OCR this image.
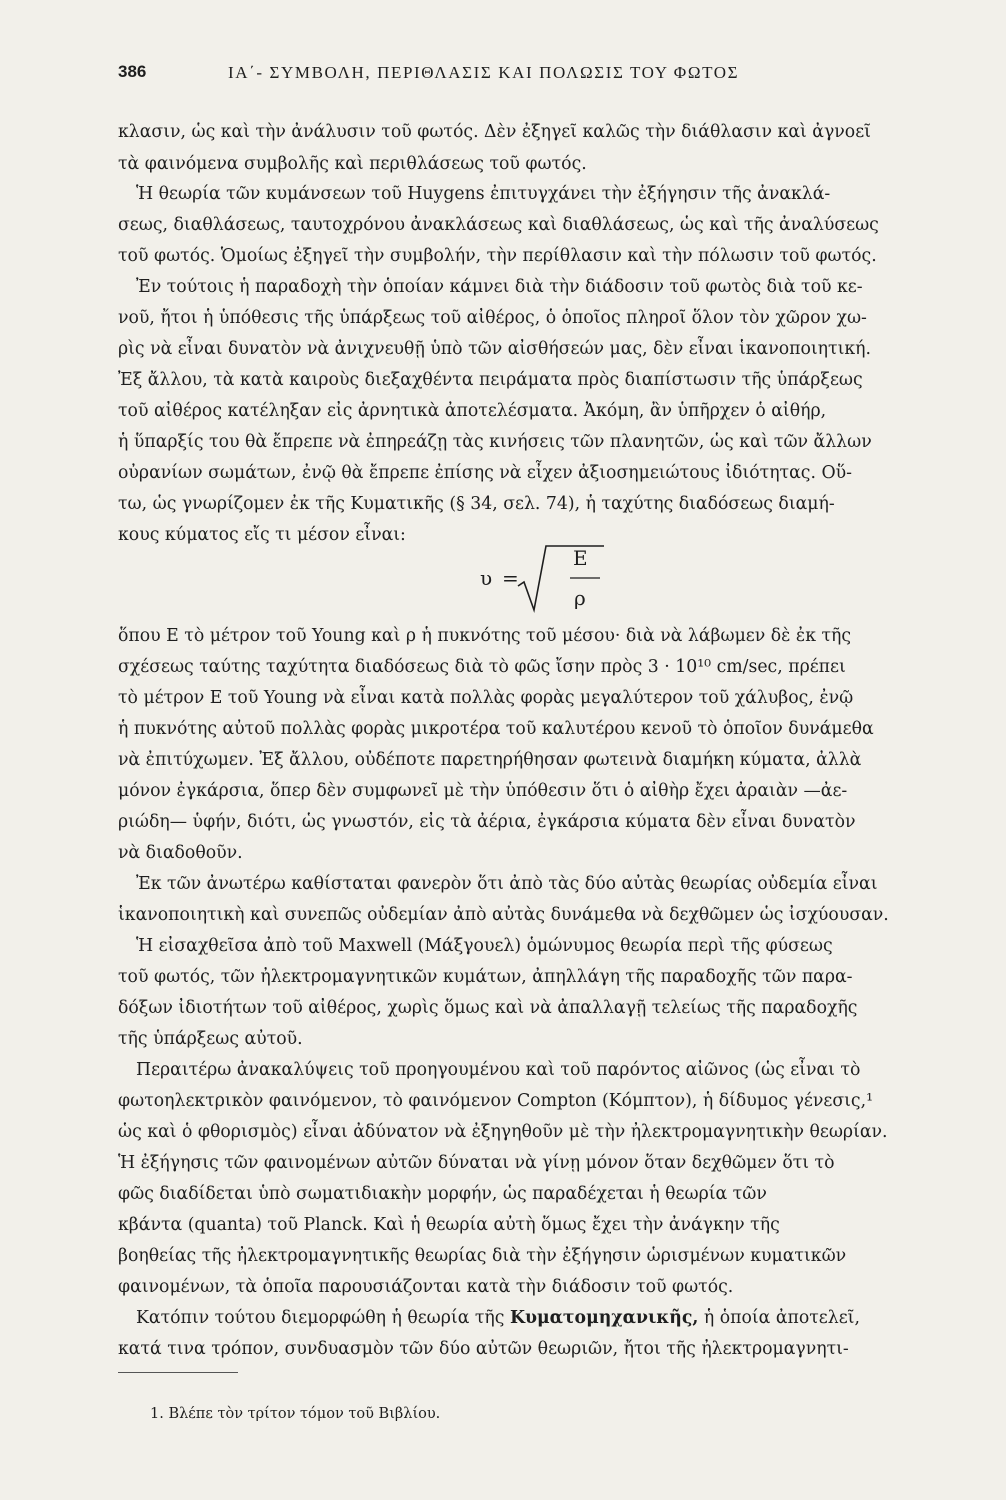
386	ΙΑ΄- ΣΥΜΒΟΛΗ, ΠΕΡΙΘΛΑΣΙΣ ΚΑΙ ΠΟΛΩΣΙΣ ΤΟΥ ΦΩΤΟΣ
κλασιν, ὡς καὶ τὴν ἀνάλυσιν τοῦ φωτός. Δὲν ἐξηγεῖ καλῶς τὴν διάθλασιν καὶ ἀγνοεῖ
τὰ φαινόμενα συμβολῆς καὶ περιθλάσεως τοῦ φωτός.
Ἡ θεωρία τῶν κυμάνσεων τοῦ Huygens ἐπιτυγχάνει τὴν ἐξήγησιν τῆς ἀνακλά-
σεως, διαθλάσεως, ταυτοχρόνου ἀνακλάσεως καὶ διαθλάσεως, ὡς καὶ τῆς ἀναλύσεως
τοῦ φωτός. Ὁμοίως ἐξηγεῖ τὴν συμβολήν, τὴν περίθλασιν καὶ τὴν πόλωσιν τοῦ φωτός.
Ἐν τούτοις ἡ παραδοχὴ τὴν ὁποίαν κάμνει διὰ τὴν διάδοσιν τοῦ φωτὸς διὰ τοῦ κε-
νοῦ, ἤτοι ἡ ὑπόθεσις τῆς ὑπάρξεως τοῦ αἰθέρος, ὁ ὁποῖος πληροῖ ὅλον τὸν χῶρον χω-
ρὶς νὰ εἶναι δυνατὸν νὰ ἀνιχνευθῇ ὑπὸ τῶν αἰσθήσεών μας, δὲν εἶναι ἱκανοποιητική.
Ἐξ ἄλλου, τὰ κατὰ καιροὺς διεξαχθέντα πειράματα πρὸς διαπίστωσιν τῆς ὑπάρξεως
τοῦ αἰθέρος κατέληξαν εἰς ἀρνητικὰ ἀποτελέσματα. Ἀκόμη, ἂν ὑπῆρχεν ὁ αἰθήρ,
ἡ ὕπαρξίς του θὰ ἔπρεπε νὰ ἐπηρεάζῃ τὰς κινήσεις τῶν πλανητῶν, ὡς καὶ τῶν ἄλλων
οὐρανίων σωμάτων, ἐνῷ θὰ ἔπρεπε ἐπίσης νὰ εἶχεν ἀξιοσημειώτους ἰδιότητας. Οὕ-
τω, ὡς γνωρίζομεν ἐκ τῆς Κυματικῆς (§ 34, σελ. 74), ἡ ταχύτης διαδόσεως διαμή-
κους κύματος εἴς τι μέσον εἶναι:
υ =
E
ρ
ὅπου E τὸ μέτρον τοῦ Young καὶ ρ ἡ πυκνότης τοῦ μέσου· διὰ νὰ λάβωμεν δὲ ἐκ τῆς
σχέσεως ταύτης ταχύτητα διαδόσεως διὰ τὸ φῶς ἴσην πρὸς 3 · 10¹⁰ cm/sec, πρέπει
τὸ μέτρον E τοῦ Young νὰ εἶναι κατὰ πολλὰς φορὰς μεγαλύτερον τοῦ χάλυβος, ἐνῷ
ἡ πυκνότης αὐτοῦ πολλὰς φορὰς μικροτέρα τοῦ καλυτέρου κενοῦ τὸ ὁποῖον δυνάμεθα
νὰ ἐπιτύχωμεν. Ἐξ ἄλλου, οὐδέποτε παρετηρήθησαν φωτεινὰ διαμήκη κύματα, ἀλλὰ
μόνον ἐγκάρσια, ὅπερ δὲν συμφωνεῖ μὲ τὴν ὑπόθεσιν ὅτι ὁ αἰθὴρ ἔχει ἀραιὰν —ἀε-
ριώδη— ὑφήν, διότι, ὡς γνωστόν, εἰς τὰ ἀέρια, ἐγκάρσια κύματα δὲν εἶναι δυνατὸν
νὰ διαδοθοῦν.
Ἐκ τῶν ἀνωτέρω καθίσταται φανερὸν ὅτι ἀπὸ τὰς δύο αὐτὰς θεωρίας οὐδεμία εἶναι
ἱκανοποιητικὴ καὶ συνεπῶς οὐδεμίαν ἀπὸ αὐτὰς δυνάμεθα νὰ δεχθῶμεν ὡς ἰσχύουσαν.
Ἡ εἰσαχθεῖσα ἀπὸ τοῦ Maxwell (Μάξγουελ) ὁμώνυμος θεωρία περὶ τῆς φύσεως
τοῦ φωτός, τῶν ἠλεκτρομαγνητικῶν κυμάτων, ἀπηλλάγη τῆς παραδοχῆς τῶν παρα-
δόξων ἰδιοτήτων τοῦ αἰθέρος, χωρὶς ὅμως καὶ νὰ ἀπαλλαγῇ τελείως τῆς παραδοχῆς
τῆς ὑπάρξεως αὐτοῦ.
Περαιτέρω ἀνακαλύψεις τοῦ προηγουμένου καὶ τοῦ παρόντος αἰῶνος (ὡς εἶναι τὸ
φωτοηλεκτρικὸν φαινόμενον, τὸ φαινόμενον Compton (Κόμπτον), ἡ δίδυμος γένεσις,¹
ὡς καὶ ὁ φθορισμὸς) εἶναι ἀδύνατον νὰ ἐξηγηθοῦν μὲ τὴν ἠλεκτρομαγνητικὴν θεωρίαν.
Ἡ ἐξήγησις τῶν φαινομένων αὐτῶν δύναται νὰ γίνῃ μόνον ὅταν δεχθῶμεν ὅτι τὸ
φῶς διαδίδεται ὑπὸ σωματιδιακὴν μορφήν, ὡς παραδέχεται ἡ θεωρία τῶν
κβάντα (quanta) τοῦ Planck. Καὶ ἡ θεωρία αὐτὴ ὅμως ἔχει τὴν ἀνάγκην τῆς
βοηθείας τῆς ἠλεκτρομαγνητικῆς θεωρίας διὰ τὴν ἐξήγησιν ὡρισμένων κυματικῶν
φαινομένων, τὰ ὁποῖα παρουσιάζονται κατὰ τὴν διάδοσιν τοῦ φωτός.
Κατόπιν τούτου διεμορφώθη ἡ θεωρία τῆς Κυματομηχανικῆς, ἡ ὁποία ἀποτελεῖ,
κατά τινα τρόπον, συνδυασμὸν τῶν δύο αὐτῶν θεωριῶν, ἤτοι τῆς ἠλεκτρομαγνητι-
1. Βλέπε τὸν τρίτον τόμον τοῦ Βιβλίου.
